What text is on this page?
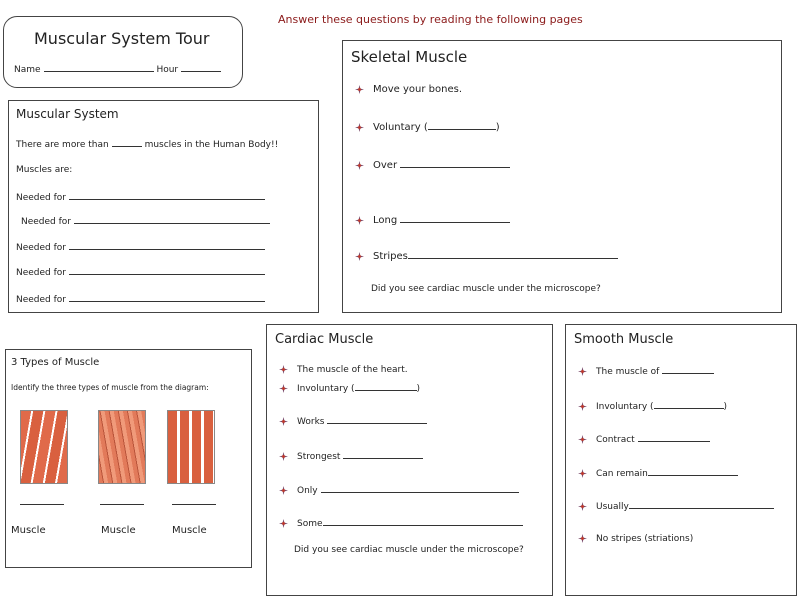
Muscular System Tour
Name	Hour
Answer these questions by reading the following pages
Muscular System
There are more than	muscles in the Human Body!!
Muscles are:
Needed for
Needed for
Needed for
Needed for
Needed for
Skeletal Muscle
Move your bones.
Voluntary (	)
Over
Long
Stripes
Did you see cardiac muscle under the microscope?
3 Types of Muscle
Identify the three types of muscle from the diagram:
Muscle	Muscle	Muscle
Cardiac Muscle
The muscle of the heart.
Involuntary (	)
Works
Strongest
Only
Some
Did you see cardiac muscle under the microscope?
Smooth Muscle
The muscle of
Involuntary (	)
Contract
Can remain
Usually
No stripes (striations)
